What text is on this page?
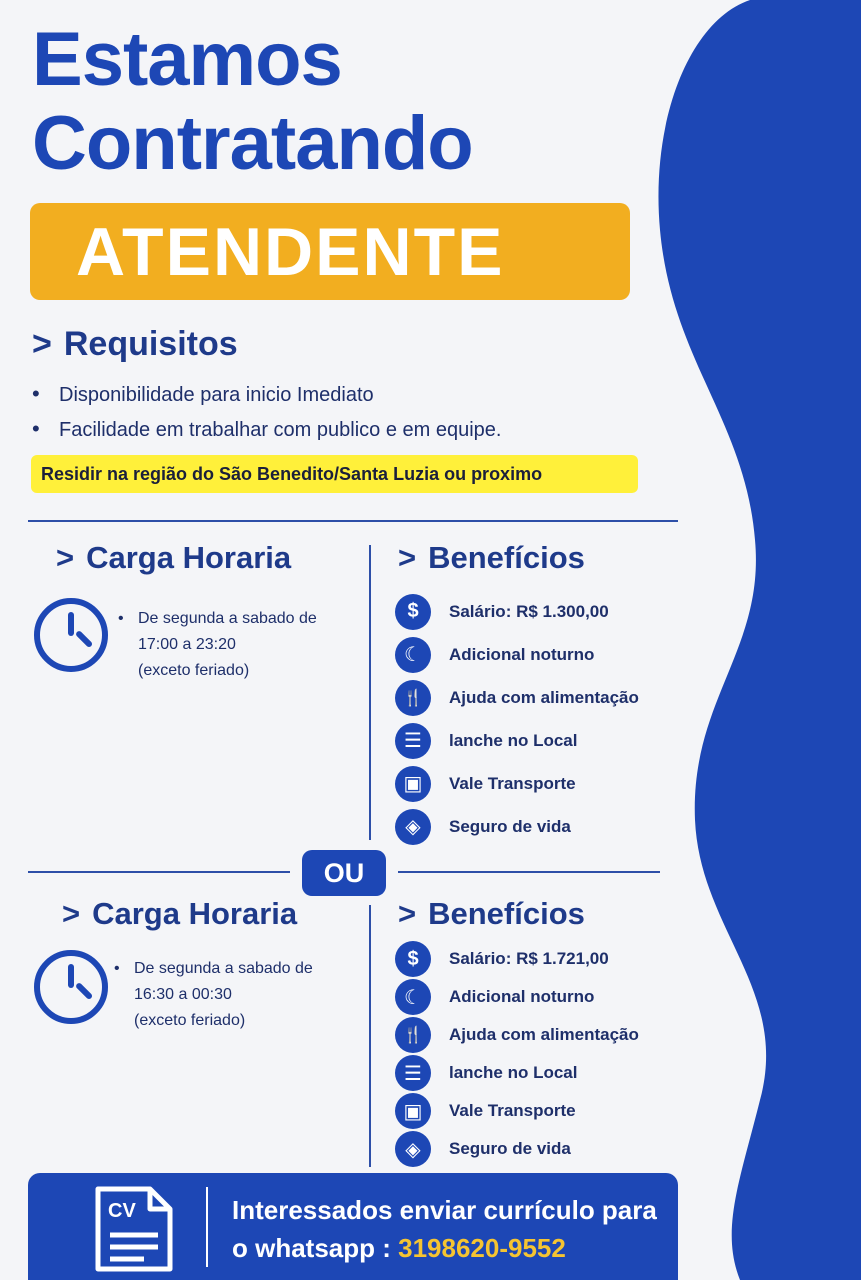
Estamos
Contratando
ATENDENTE
> Requisitos
• Disponibilidade para inicio Imediato
• Facilidade em trabalhar com publico e em equipe.
Residir na região do São Benedito/Santa Luzia ou proximo
> Carga Horaria
• De segunda a sabado de
17:00 a 23:20
(exceto feriado)
> Benefícios
$	Salário: R$ 1.300,00
☾	Adicional noturno
🍴	Ajuda com alimentação
☰	lanche no Local
▣	Vale Transporte
◈	Seguro de vida
OU
> Carga Horaria
• De segunda a sabado de
16:30 a 00:30
(exceto feriado)
> Benefícios
$	Salário: R$ 1.721,00
☾	Adicional noturno
🍴	Ajuda com alimentação
☰	lanche no Local
▣	Vale Transporte
◈	Seguro de vida
CV	Interessados enviar currículo para
o whatsapp : 3198620-9552
